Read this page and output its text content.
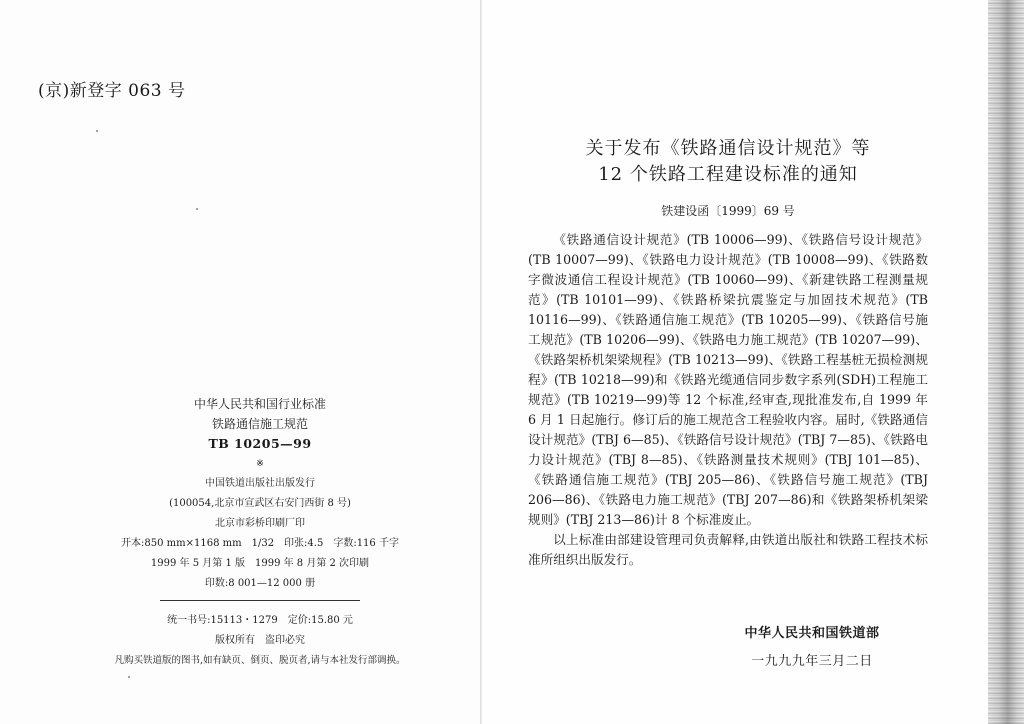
(京)新登字 063 号
中华人民共和国行业标准
铁路通信施工规范
TB 10205—99
※
中国铁道出版社出版发行
(100054,北京市宣武区右安门西街 8 号)
北京市彩桥印刷厂印
开本:850 mm×1168 mm　1/32　印张:4.5　字数:116 千字
1999 年 5 月第 1 版　1999 年 8 月第 2 次印刷
印数:8 001—12 000 册
统一书号:15113・1279　定价:15.80 元
版权所有　盗印必究
凡购买铁道版的图书,如有缺页、倒页、脱页者,请与本社发行部调换。
关于发布《铁路通信设计规范》等
12 个铁路工程建设标准的通知
铁建设函〔1999〕69 号

《铁路通信设计规范》(TB 10006—99)、《铁路信号设计规范》(TB 10007—99)、《铁路电力设计规范》(TB 10008—99)、《铁路数字微波通信工程设计规范》(TB 10060—99)、《新建铁路工程测量规范》(TB 10101—99)、《铁路桥梁抗震鉴定与加固技术规范》(TB 10116—99)、《铁路通信施工规范》(TB 10205—99)、《铁路信号施工规范》(TB 10206—99)、《铁路电力施工规范》(TB 10207—99)、《铁路架桥机架梁规程》(TB 10213—99)、《铁路工程基桩无损检测规程》(TB 10218—99)和《铁路光缆通信同步数字系列(SDH)工程施工规范》(TB 10219—99)等 12 个标准,经审查,现批准发布,自 1999 年 6 月 1 日起施行。修订后的施工规范含工程验收内容。届时,《铁路通信设计规范》(TBJ 6—85)、《铁路信号设计规范》(TBJ 7—85)、《铁路电力设计规范》(TBJ 8—85)、《铁路测量技术规则》(TBJ 101—85)、《铁路通信施工规范》(TBJ 205—86)、《铁路信号施工规范》(TBJ 206—86)、《铁路电力施工规范》(TBJ 207—86)和《铁路架桥机架梁规则》(TBJ 213—86)计 8 个标准废止。

以上标准由部建设管理司负责解释,由铁道出版社和铁路工程技术标准所组织出版发行。

中华人民共和国铁道部
一九九九年三月二日
